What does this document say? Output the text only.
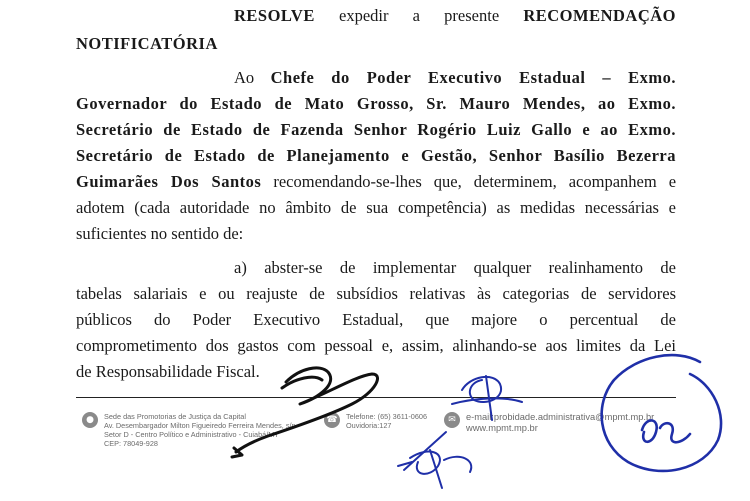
RESOLVE expedir a presente RECOMENDAÇÃO
NOTIFICATÓRIA
Ao Chefe do Poder Executivo Estadual – Exmo.
Governador do Estado de Mato Grosso, Sr. Mauro Mendes, ao Exmo.
Secretário de Estado de Fazenda Senhor Rogério Luiz Gallo e ao Exmo.
Secretário de Estado de Planejamento e Gestão, Senhor Basílio Bezerra
Guimarães Dos Santos recomendando-se-lhes que, determinem, acompanhem e
adotem (cada autoridade no âmbito de sua competência) as medidas necessárias e
suficientes no sentido de:
a) abster-se de implementar qualquer realinhamento de
tabelas salariais e ou reajuste de subsídios relativas às categorias de servidores
públicos do Poder Executivo Estadual, que majore o percentual de
comprometimento dos gastos com pessoal e, assim, alinhando-se aos limites da Lei
de Responsabilidade Fiscal.
●	Sede das Promotorias de Justiça da Capital
Av. Desembargador Milton Figueiredo Ferreira Mendes, s/n
Setor D - Centro Político e Administrativo - Cuiabá/MT
CEP: 78049-928
☎	Telefone: (65) 3611-0606
Ouvidoria:127
✉	e-mail:probidade.administrativa@mpmt.mp.br
www.mpmt.mp.br
